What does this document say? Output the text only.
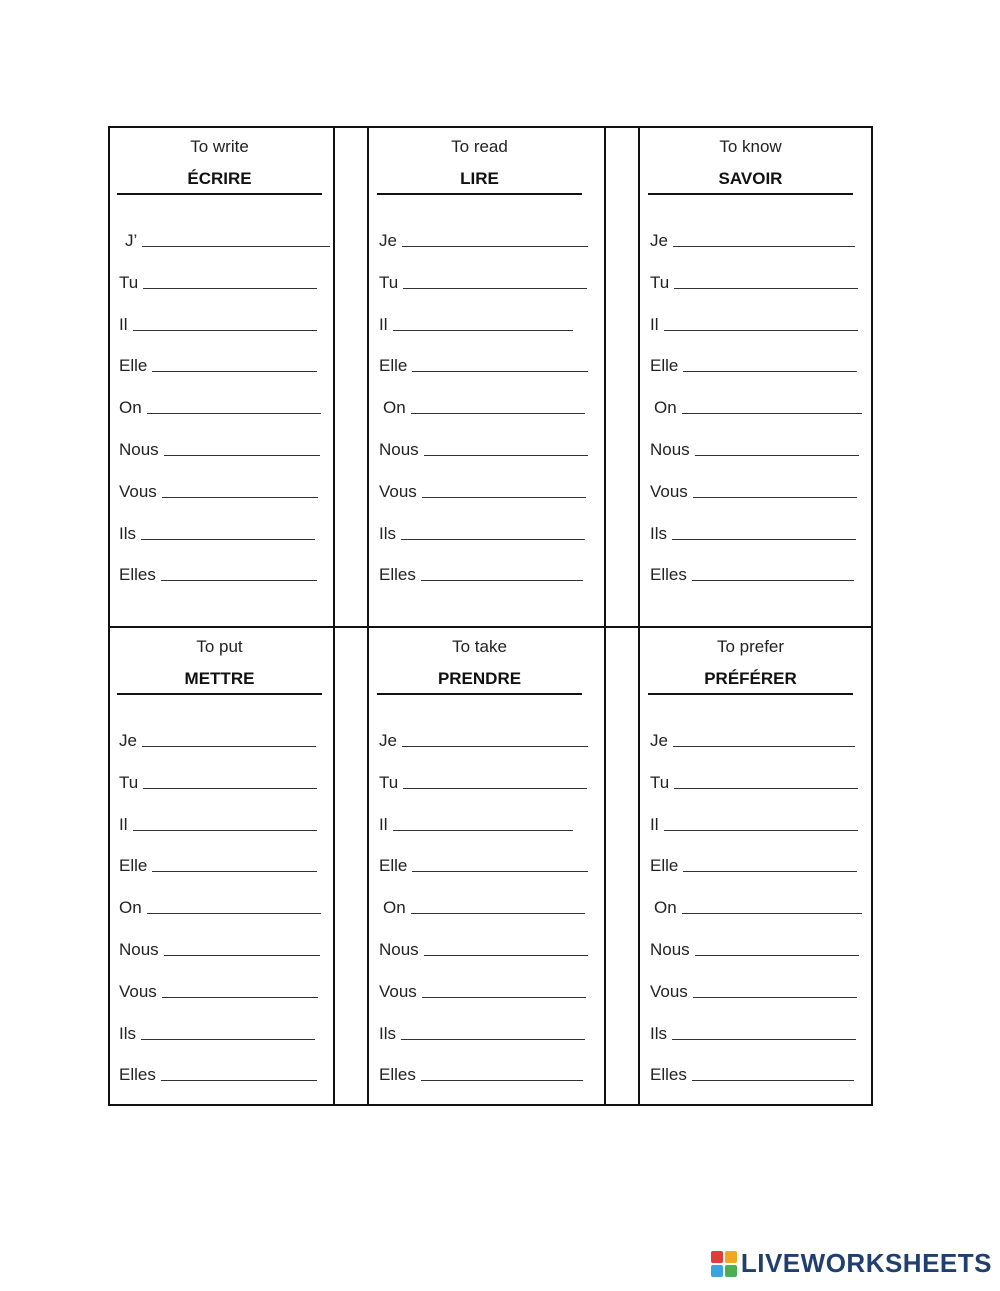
To write
ÉCRIRE
J’
Tu
Il
Elle
On
Nous
Vous
Ils
Elles
To read
LIRE
Je
Tu
Il
Elle
On
Nous
Vous
Ils
Elles
To know
SAVOIR
Je
Tu
Il
Elle
On
Nous
Vous
Ils
Elles
To put
METTRE
Je
Tu
Il
Elle
On
Nous
Vous
Ils
Elles
To take
PRENDRE
Je
Tu
Il
Elle
On
Nous
Vous
Ils
Elles
To prefer
PRÉFÉRER
Je
Tu
Il
Elle
On
Nous
Vous
Ils
Elles
LIVEWORKSHEETS
